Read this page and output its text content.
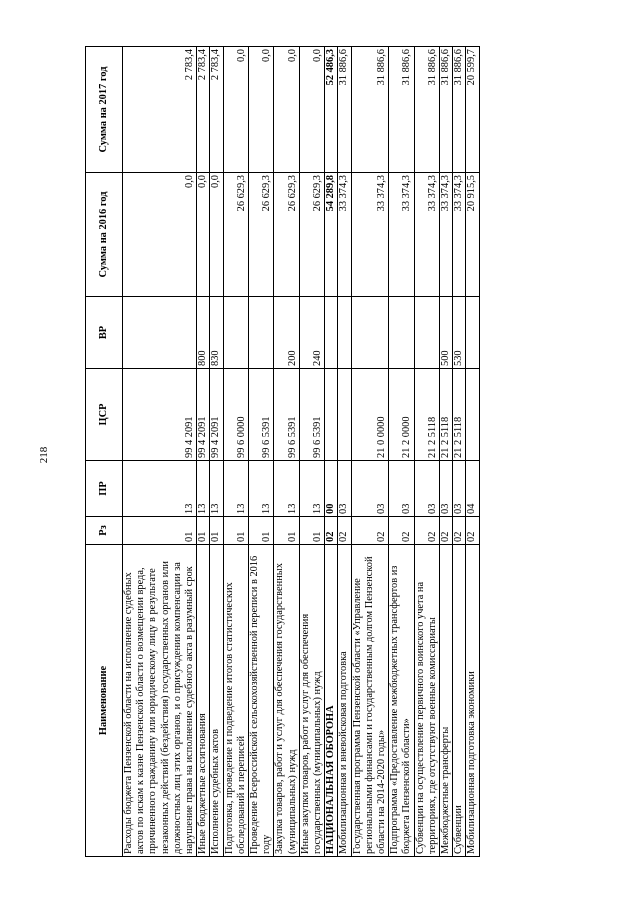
218
Наименование	Рз	ПР	ЦСР	ВР	Сумма на 2016 год	Сумма на 2017 год
Расходы бюджета Пензенской области на исполнение судебных актов по искам к казне Пензенской области о возмещении вреда, причиненного гражданину или юридическому лицу в результате незаконных действий (бездействия) государственных органов или должностных лиц этих органов, и о присуждении компенсации за нарушение права на исполнение судебного акта в разумный срок	01	13	99 4 2091		0,0	2 783,4
Иные бюджетные ассигнования	01	13	99 4 2091	800	0,0	2 783,4
Исполнение судебных актов	01	13	99 4 2091	830	0,0	2 783,4
Подготовка, проведение и подведение итогов статистических обследований и переписей	01	13	99 6 0000		26 629,3	0,0
Проведение Всероссийской сельскохозяйственной переписи в 2016 году	01	13	99 6 5391		26 629,3	0,0
Закупка товаров, работ и услуг для обеспечения государственных (муниципальных) нужд	01	13	99 6 5391	200	26 629,3	0,0
Иные закупки товаров, работ и услуг для обеспечения государственных (муниципальных) нужд	01	13	99 6 5391	240	26 629,3	0,0
НАЦИОНАЛЬНАЯ ОБОРОНА	02	00			54 289,8	52 486,3
Мобилизационная и вневойсковая подготовка	02	03			33 374,3	31 886,6
Государственная программа Пензенской области «Управление региональными финансами и государственным долгом Пензенской области на 2014-2020 годы»	02	03	21 0 0000		33 374,3	31 886,6
Подпрограмма «Предоставление межбюджетных трансфертов из бюджета Пензенской области»	02	03	21 2 0000		33 374,3	31 886,6
Субвенции на осуществление первичного воинского учета на территориях, где отсутствуют военные комиссариаты	02	03	21 2 5118		33 374,3	31 886,6
Межбюджетные трансферты	02	03	21 2 5118	500	33 374,3	31 886,6
Субвенции	02	03	21 2 5118	530	33 374,3	31 886,6
Мобилизационная подготовка экономики	02	04			20 915,5	20 599,7
